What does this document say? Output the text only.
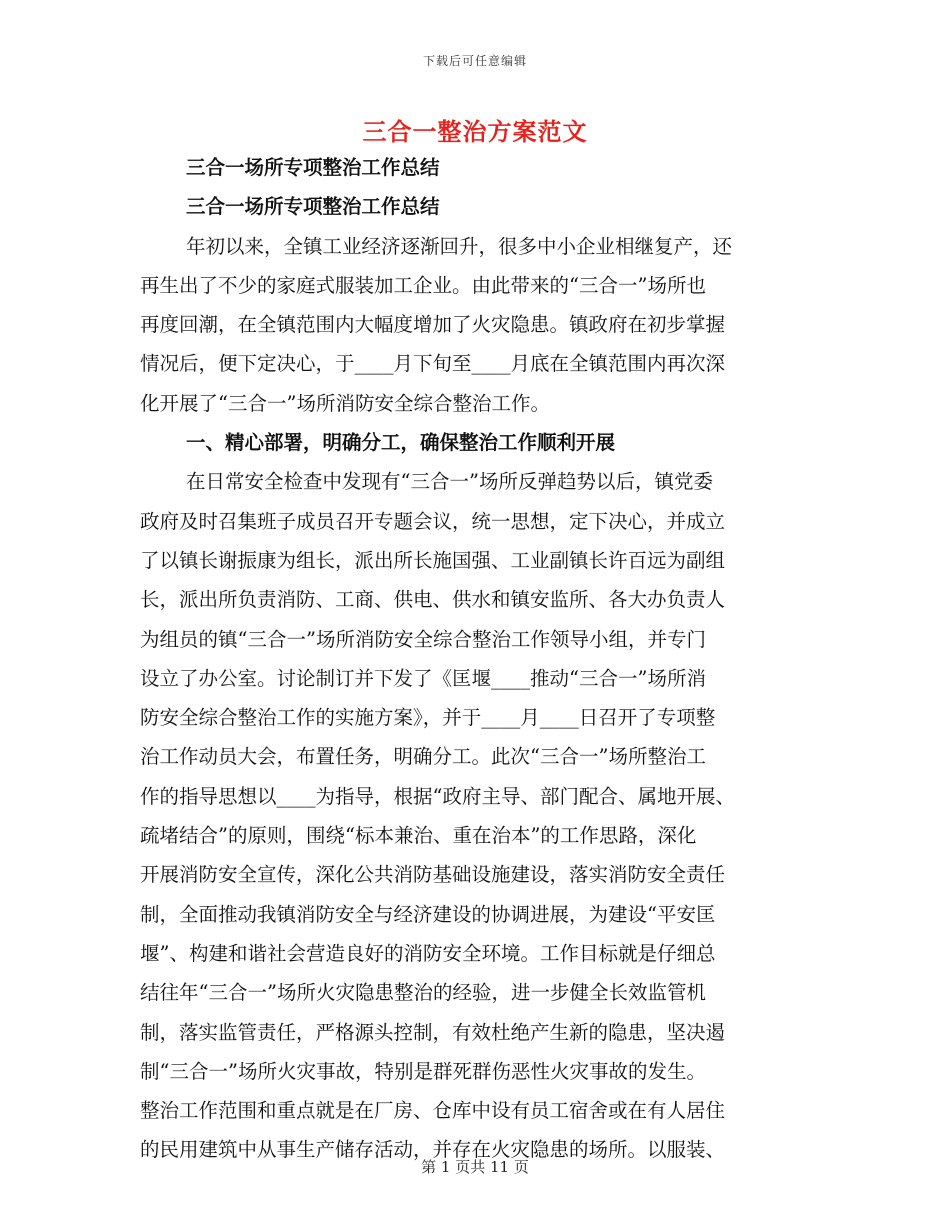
下载后可任意编辑
三合一整治方案范文
三合一场所专项整治工作总结
三合一场所专项整治工作总结
年初以来，全镇工业经济逐渐回升，很多中小企业相继复产，还
再生出了不少的家庭式服装加工企业。由此带来的“三合一”场所也
再度回潮，在全镇范围内大幅度增加了火灾隐患。镇政府在初步掌握
情况后，便下定决心，于____月下旬至____月底在全镇范围内再次深
化开展了“三合一”场所消防安全综合整治工作。
一、精心部署，明确分工，确保整治工作顺利开展
在日常安全检查中发现有“三合一”场所反弹趋势以后，镇党委
政府及时召集班子成员召开专题会议，统一思想，定下决心，并成立
了以镇长谢振康为组长，派出所长施国强、工业副镇长许百远为副组
长，派出所负责消防、工商、供电、供水和镇安监所、各大办负责人
为组员的镇“三合一”场所消防安全综合整治工作领导小组，并专门
设立了办公室。讨论制订并下发了《匡堰____推动“三合一”场所消
防安全综合整治工作的实施方案》，并于____月____日召开了专项整
治工作动员大会，布置任务，明确分工。此次“三合一”场所整治工
作的指导思想以____为指导，根据“政府主导、部门配合、属地开展、
疏堵结合”的原则，围绕“标本兼治、重在治本”的工作思路，深化
开展消防安全宣传，深化公共消防基础设施建设，落实消防安全责任
制，全面推动我镇消防安全与经济建设的协调进展，为建设“平安匡
堰”、构建和谐社会营造良好的消防安全环境。工作目标就是仔细总
结往年“三合一”场所火灾隐患整治的经验，进一步健全长效监管机
制，落实监管责任，严格源头控制，有效杜绝产生新的隐患，坚决遏
制“三合一”场所火灾事故，特别是群死群伤恶性火灾事故的发生。
整治工作范围和重点就是在厂房、仓库中设有员工宿舍或在有人居住
的民用建筑中从事生产储存活动，并存在火灾隐患的场所。以服装、
第 1 页共 11 页
